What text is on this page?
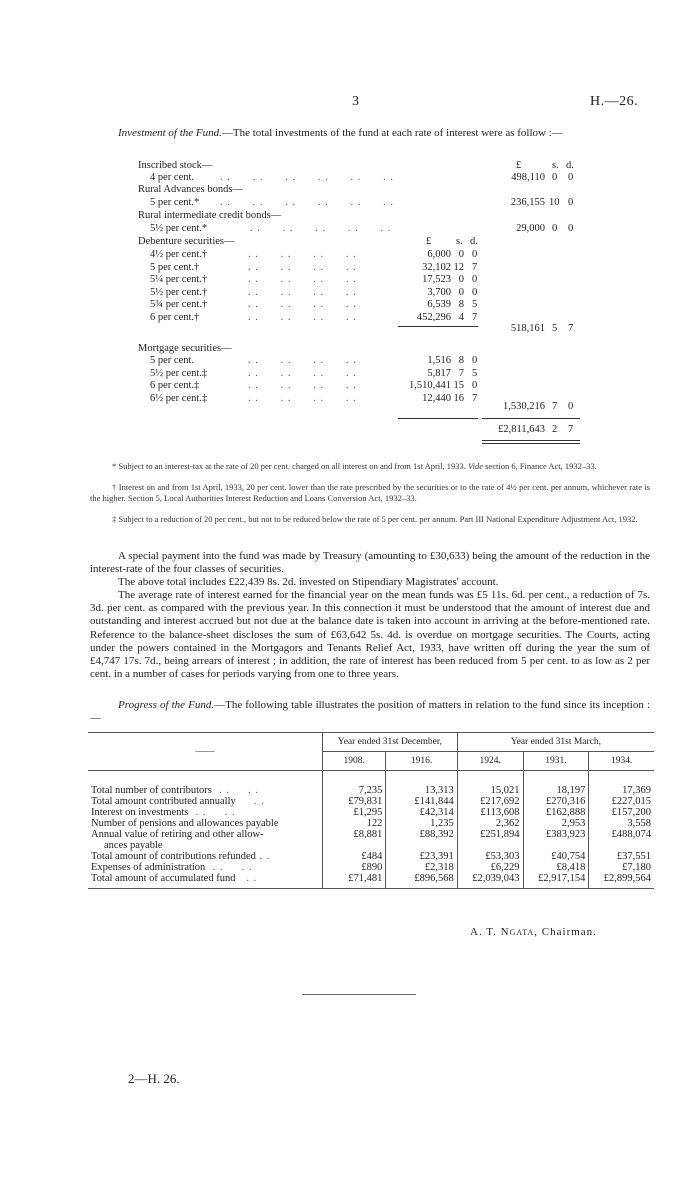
3	H.—26.

Investment of the Fund.—The total investments of the fund at each rate of interest were as follow :—

£	s. d.
Inscribed stock—
4 per cent. . .      . .      . .      . .      . .      . .	498,110 0 0
Rural Advances bonds—
5 per cent.* . .      . .      . .      . .      . .      . .	236,155 10 0
Rural intermediate credit bonds—
5½ per cent.*	. .      . .      . .      . .      . .	29,000 0 0
Debenture securities—	£ s. d.
4½ per cent.†	. .      . .      . .      . .	6,000 0 0
5 per cent.†	. .      . .      . .      . .	32,102 12 7
5¼ per cent.†	. .      . .      . .      . .	17,523 0 0
5½ per cent.†	. .      . .      . .      . .	3,700 0 0
5¾ per cent.†	. .      . .      . .      . .	6,539 8 5
6 per cent.†	. .      . .      . .      . .	452,296 4 7
518,161 5 7
Mortgage securities—
5 per cent.	. .      . .      . .      . .	1,516 8 0
5½ per cent.‡	. .      . .      . .      . .	5,817 7 5
6 per cent.‡	. .      . .      . .      . .	1,510,441 15 0
6½ per cent.‡	. .      . .      . .      . .	12,440 16 7
1,530,216 7 0
£2,811,643 2 7

* Subject to an interest-tax at the rate of 20 per cent. charged on all interest on and from 1st April, 1933. Vide section 6, Finance Act, 1932–33.

† Interest on and from 1st April, 1933, 20 per cent. lower than the rate prescribed by the securities or to the rate of 4½ per cent. per annum, whichever rate is the higher. Section 5, Local Authorities Interest Reduction and Loans Conversion Act, 1932–33.

‡ Subject to a reduction of 20 per cent., but not to be reduced below the rate of 5 per cent. per annum. Part III National Expenditure Adjustment Act, 1932.

A special payment into the fund was made by Treasury (amounting to £30,633) being the amount of the reduction in the interest-rate of the four classes of securities.

The above total includes £22,439 8s. 2d. invested on Stipendiary Magistrates' account.

The average rate of interest earned for the financial year on the mean funds was £5 11s. 6d. per cent., a reduction of 7s. 3d. per cent. as compared with the previous year. In this connection it must be understood that the amount of interest due and outstanding and interest accrued but not due at the balance date is taken into account in arriving at the before-mentioned rate. Reference to the balance-sheet discloses the sum of £63,642 5s. 4d. is overdue on mortgage securities. The Courts, acting under the powers contained in the Mortgagors and Tenants Relief Act, 1933, have written off during the year the sum of £4,747 17s. 7d., being arrears of interest ; in addition, the rate of interest has been reduced from 5 per cent. to as low as 2 per cent. in a number of cases for periods varying from one to three years.

Progress of the Fund.—The following table illustrates the position of matters in relation to the fund since its inception :—

——	Year ended 31st December,		Year ended 31st March,		
	1908.	1916.	1924.	1931.	1934.

Total number of contributors  . .     . .	7,235	13,313	15,021	18,197	17,369
Total amount contributed annually     . .	£79,831	£141,844	£217,692	£270,316	£227,015
Interest on investments  . .     . .	£1,295	£42,314	£113,608	£162,888	£157,200
Number of pensions and allowances payable	122	1,235	2,362	2,953	3,558
Annual value of retiring and other allow-	£8,881	£88,392	£251,894	£383,923	£488,074
ances payable					
Total amount of contributions refunded . .	£484	£23,391	£53,303	£40,754	£37,551
Expenses of administration  . .     . .	£890	£2,318	£6,229	£8,418	£7,180
Total amount of accumulated fund   . .	£71,481	£896,568	£2,039,043	£2,917,154	£2,899,564

A. T. Ngata, Chairman.
2—H. 26.
